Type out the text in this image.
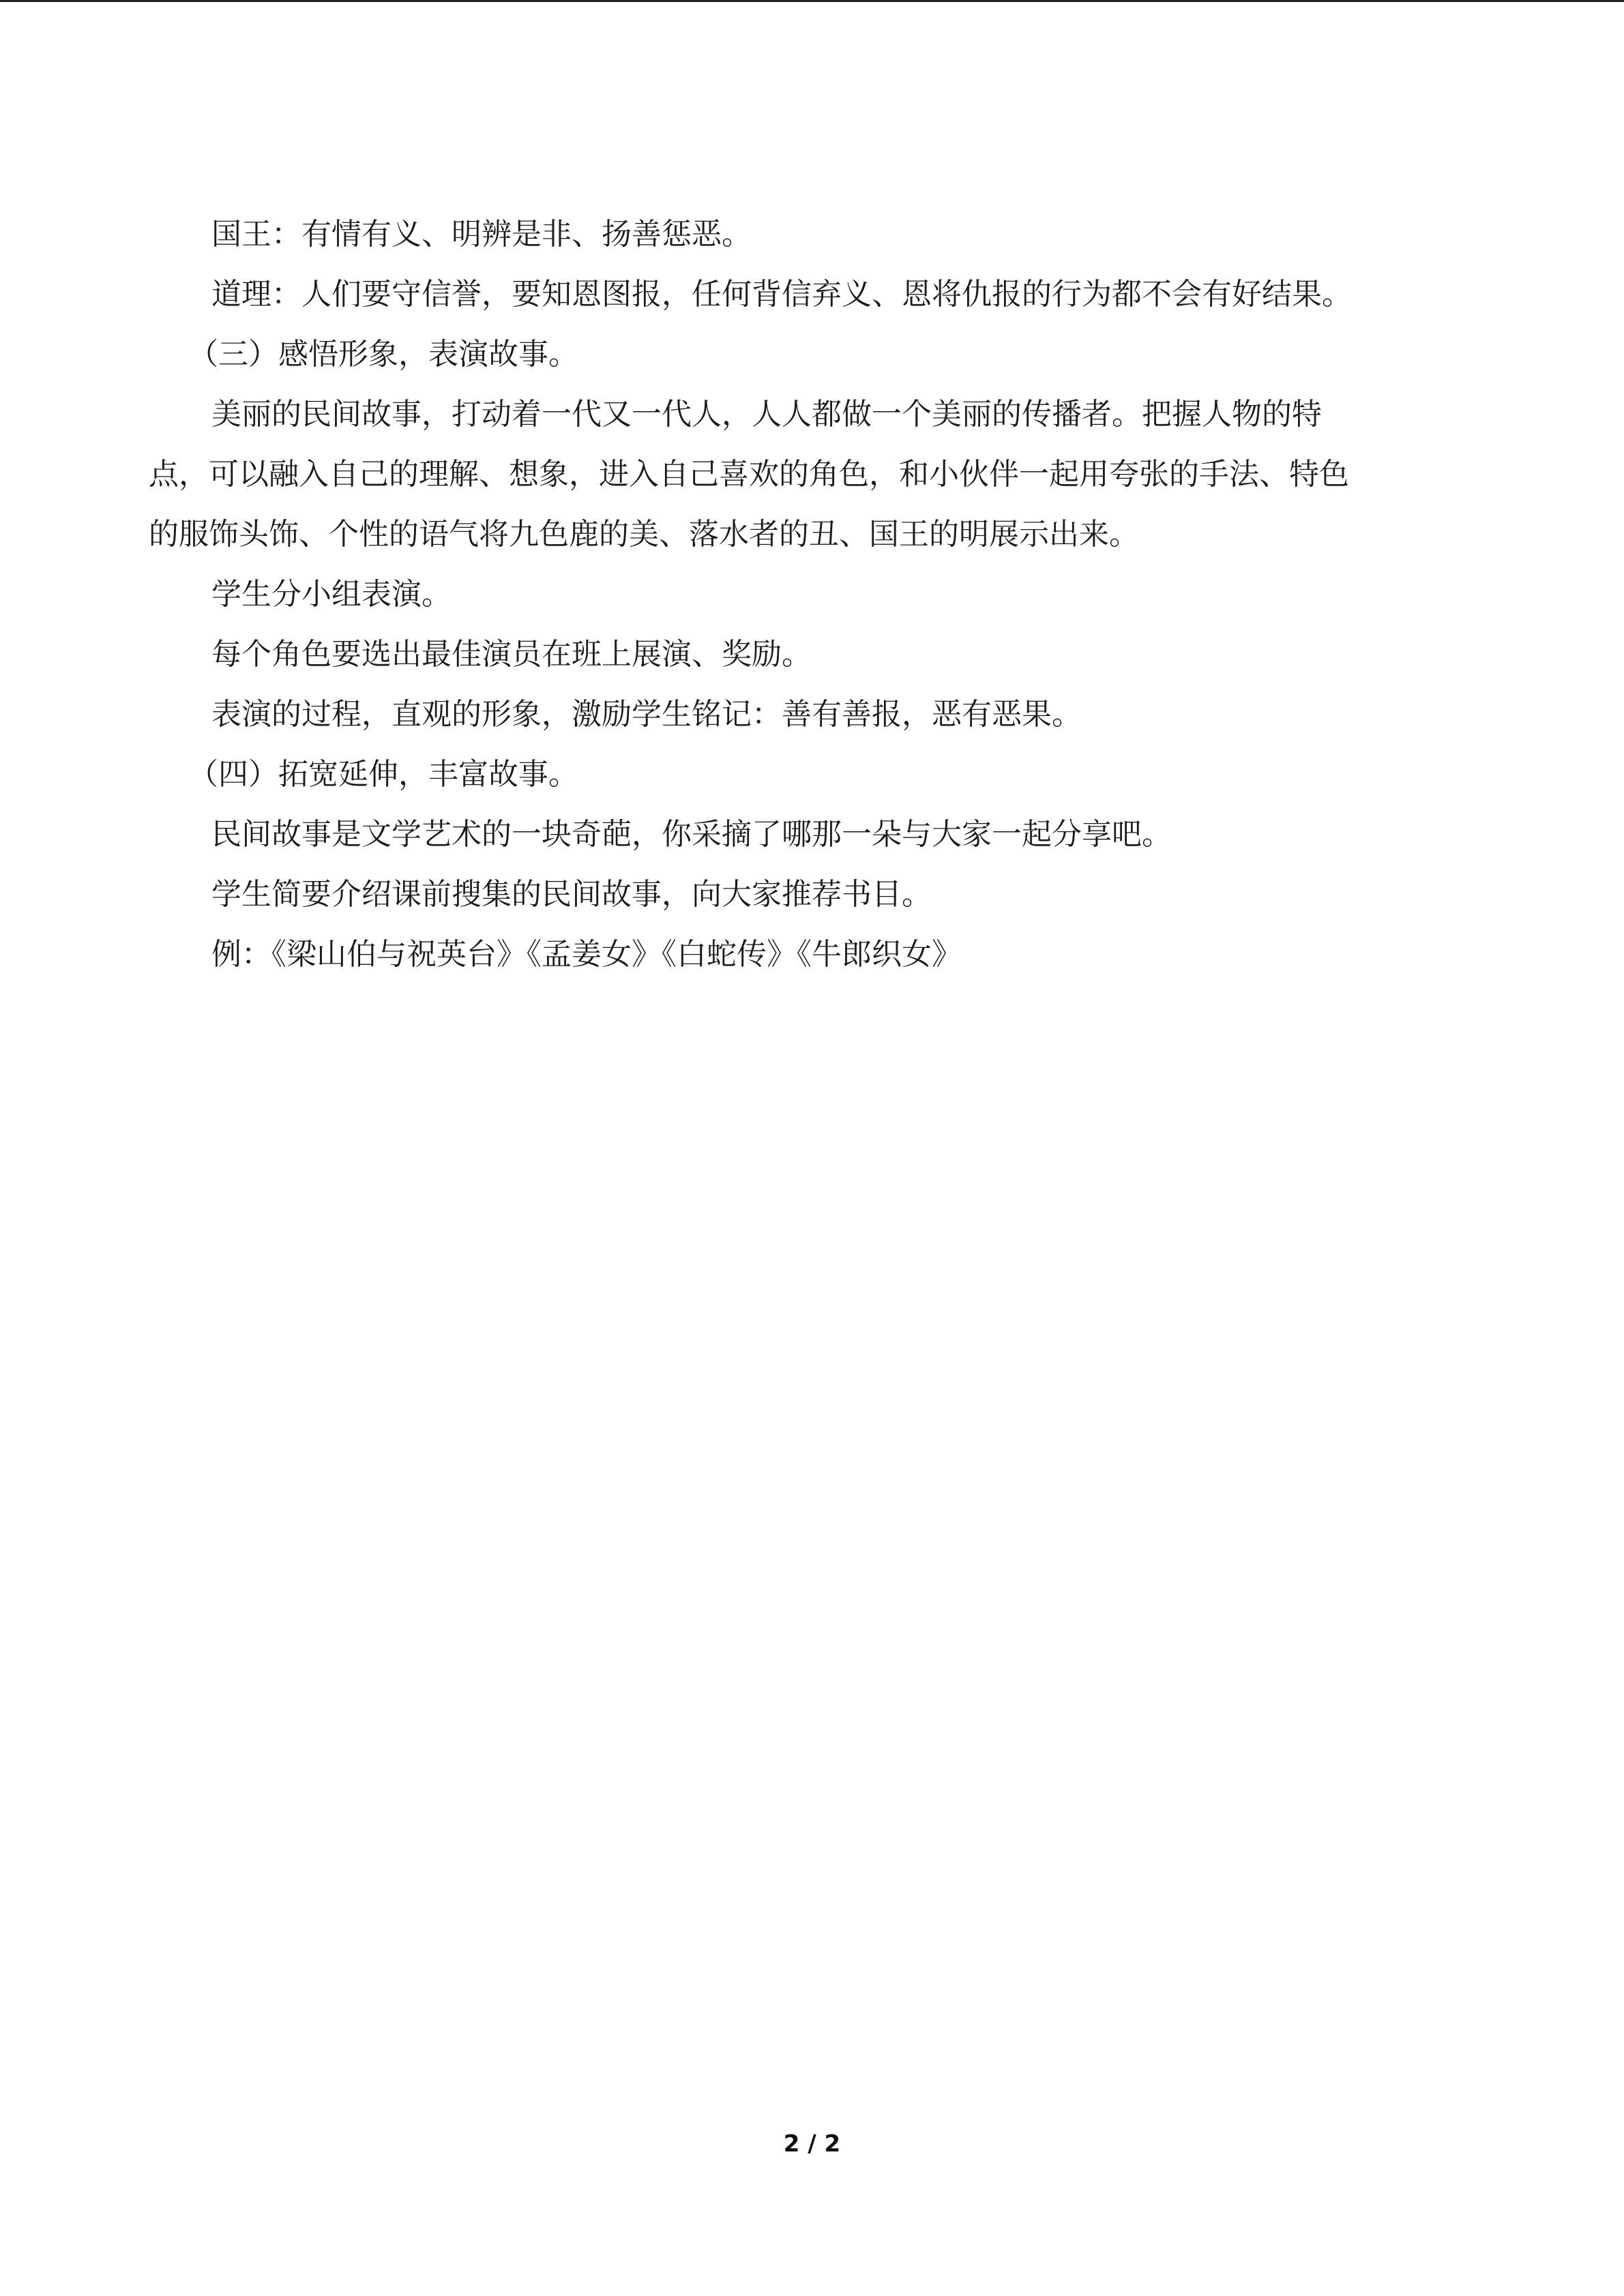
国王：有情有义、明辨是非、扬善惩恶。

道理：人们要守信誉，要知恩图报，任何背信弃义、恩将仇报的行为都不会有好结果。

（三）感悟形象，表演故事。

美丽的民间故事，打动着一代又一代人，人人都做一个美丽的传播者。把握人物的特

点，可以融入自己的理解、想象，进入自己喜欢的角色，和小伙伴一起用夸张的手法、特色

的服饰头饰、个性的语气将九色鹿的美、落水者的丑、国王的明展示出来。

学生分小组表演。

每个角色要选出最佳演员在班上展演、奖励。

表演的过程，直观的形象，激励学生铭记：善有善报，恶有恶果。

（四）拓宽延伸，丰富故事。

民间故事是文学艺术的一块奇葩，你采摘了哪那一朵与大家一起分享吧。

学生简要介绍课前搜集的民间故事，向大家推荐书目。

例：《梁山伯与祝英台》《孟姜女》《白蛇传》《牛郎织女》

2 / 2
